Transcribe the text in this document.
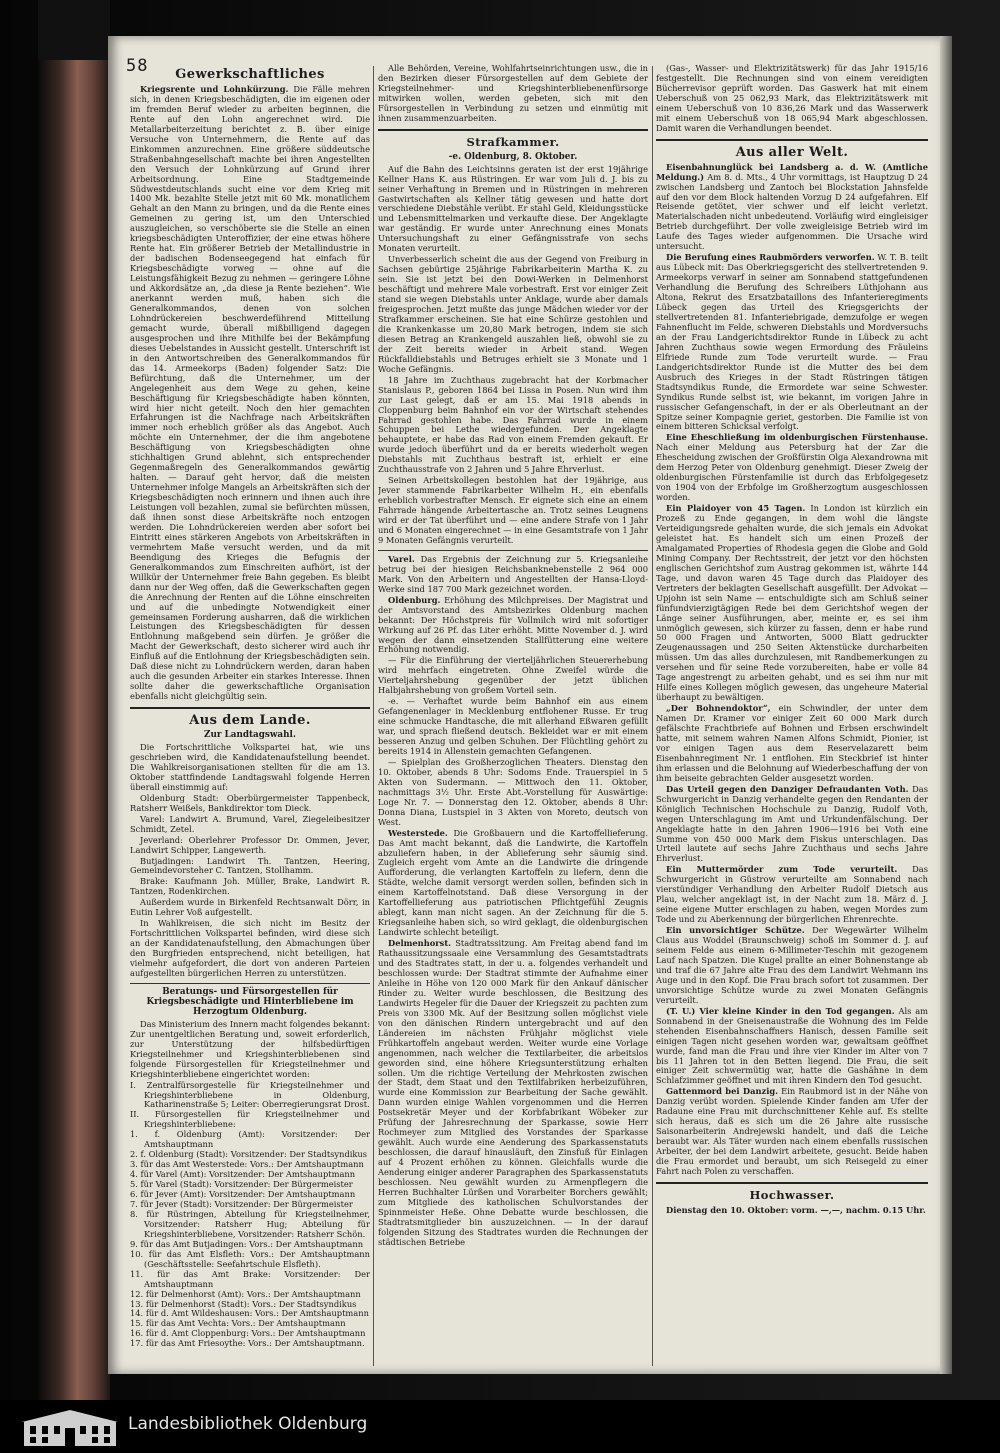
58	Gewerkschaftliches

Kriegsrente und Lohnkürzung. Die Fälle mehren sich, in denen Kriegsbeschädigten, die im eigenen oder im fremden Beruf wieder zu arbeiten beginnen, die Rente auf den Lohn angerechnet wird. Die Metallarbeiterzeitung berichtet z. B. über einige Versuche von Unternehmern, die Rente auf das Einkommen anzurechnen. Eine größere süddeutsche Straßenbahngesellschaft machte bei ihren Angestellten den Versuch der Lohnkürzung auf Grund ihrer Arbeitsordnung. Eine Stadtgemeinde Südwestdeutschlands sucht eine vor dem Krieg mit 1400 Mk. bezahlte Stelle jetzt mit 60 Mk. monatlichem Gehalt an den Mann zu bringen, und da die Rente eines Gemeinen zu gering ist, um den Unterschied auszugleichen, so verschöberte sie die Stelle an einen kriegsbeschädigten Unteroffizier, der eine etwas höhere Rente hat. Ein größerer Betrieb der Metallindustrie in der badischen Bodenseegegend hat einfach für Kriegsbeschädigte vorweg — ohne auf die Leistungsfähigkeit Bezug zu nehmen — geringere Löhne und Akkordsätze an, „da diese ja Rente beziehen“. Wie anerkannt werden muß, haben sich die Generalkommandos, denen von solchen Lohndrückereien beschwerdeführend Mitteilung gemacht wurde, überall mißbilligend dagegen ausgesprochen und ihre Mithilfe bei der Bekämpfung dieses Uebelstandes in Aussicht gestellt. Unterschrift ist in den Antwortschreiben des Generalkommandos für das 14. Armeekorps (Baden) folgender Satz: Die Befürchtung, daß die Unternehmer, um der Angelegenheit aus dem Wege zu gehen, keine Beschäftigung für Kriegsbeschädigte haben könnten, wird hier nicht geteilt. Noch den hier gemachten Erfahrungen ist die Nachfrage nach Arbeitskräften immer noch erheblich größer als das Angebot. Auch möchte ein Unternehmer, der die ihm angebotene Beschäftigung von Kriegsbeschädigten ohne stichhaltigen Grund ablehnt, sich entsprechender Gegenmaßregeln des Generalkommandos gewärtig halten. — Darauf geht hervor, daß die meisten Unternehmer infolge Mangels an Arbeitskräften sich der Kriegsbeschädigten noch erinnern und ihnen auch ihre Leistungen voll bezahlen, zumal sie befürchten müssen, daß ihnen sonst diese Arbeitskräfte noch entzogen werden. Die Lohndrückereien werden aber sofort bei Eintritt eines stärkeren Angebots von Arbeitskräften in vermehrtem Maße versucht werden, und da mit Beendigung des Krieges die Befugnis der Generalkommandos zum Einschreiten aufhört, ist der Willkür der Unternehmer freie Bahn gegeben. Es bleibt dann nur der Weg offen, daß die Gewerkschaften gegen die Anrechnung der Renten auf die Löhne einschreiten und auf die unbedingte Notwendigkeit einer gemeinsamen Forderung ausharren, daß die wirklichen Leistungen des Kriegsbeschädigten für dessen Entlohnung maßgebend sein dürfen. Je größer die Macht der Gewerkschaft, desto sicherer wird auch ihr Einfluß auf die Entlohnung der Kriegsbeschädigten sein. Daß diese nicht zu Lohndrückern werden, daran haben auch die gesunden Arbeiter ein starkes Interesse. Ihnen sollte daher die gewerkschaftliche Organisation ebenfalls nicht gleichgültig sein.

Aus dem Lande.
Zur Landtagswahl.

Die Fortschrittliche Volkspartei hat, wie uns geschrieben wird, die Kandidatenaufstellung beendet. Die Wahlkreisorganisationen stellten für die am 13. Oktober stattfindende Landtagswahl folgende Herren überall einstimmig auf:

Oldenburg Stadt: Oberbürgermeister Tappenbeck, Ratsherr Weißels, Bankdirektor tom Dieck.

Varel: Landwirt A. Brumund, Varel, Ziegeleibesitzer Schmidt, Zetel.

Jeverland: Oberlehrer Professor Dr. Ommen, Jever, Landwirt Schipper, Langewerth.

Butjadingen: Landwirt Th. Tantzen, Heering, Gemeindevorsteher C. Tantzen, Stollhamm.

Brake: Kaufmann Joh. Müller, Brake, Landwirt R. Tantzen, Rodenkirchen.

Außerdem wurde in Birkenfeld Rechtsanwalt Dörr, in Eutin Lehrer Voß aufgestellt.

In Wahlkreisen, die sich nicht im Besitz der Fortschrittlichen Volkspartei befinden, wird diese sich an der Kandidatenaufstellung, den Abmachungen über den Burgfrieden entsprechend, nicht beteiligen, hat vielmehr aufgefordert, die dort von anderen Parteien aufgestellten bürgerlichen Herren zu unterstützen.

Beratungs- und Fürsorgestellen für Kriegsbeschädigte und Hinterbliebene im Herzogtum Oldenburg.

Das Ministerium des Innern macht folgendes bekannt: Zur unentgeltlichen Beratung und, soweit erforderlich, zur Unterstützung der hilfsbedürftigen Kriegsteilnehmer und Kriegshinterbliebenen sind folgende Fürsorgestellen für Kriegsteilnehmer und Kriegshinterbliebene eingerichtet worden:

I. Zentralfürsorgestelle für Kriegsteilnehmer und Kriegshinterbliebene in Oldenburg, Katharinenstraße 5; Leiter: Oberregierungsrat Drost.
II. Fürsorgestellen für Kriegsteilnehmer und Kriegshinterbliebene:
1. f. Oldenburg (Amt): Vorsitzender: Der Amtshauptmann
2. f. Oldenburg (Stadt): Vorsitzender: Der Stadtsyndikus
3. für das Amt Westerstede: Vors.: Der Amtshauptmann
4. für Varel (Amt): Vorsitzender: Der Amtshauptmann
5. für Varel (Stadt): Vorsitzender: Der Bürgermeister
6. für Jever (Amt): Vorsitzender: Der Amtshauptmann
7. für Jever (Stadt): Vorsitzender: Der Bürgermeister
8. für Rüstringen, Abteilung für Kriegsteilnehmer, Vorsitzender: Ratsherr Hug; Abteilung für Kriegshinterbliebene, Vorsitzender: Ratsherr Schön.
9. für das Amt Butjadingen: Vors.: Der Amtshauptmann
10. für das Amt Elsfleth: Vors.: Der Amtshauptmann (Geschäftsstelle: Seefahrtschule Elsfleth).
11. für das Amt Brake: Vorsitzender: Der Amtshauptmann
12. für Delmenhorst (Amt): Vors.: Der Amtshauptmann
13. für Delmenhorst (Stadt): Vors.: Der Stadtsyndikus
14. für d. Amt Wildeshausen: Vors.: Der Amtshauptmann
15. für das Amt Vechta: Vors.: Der Amtshauptmann
16. für d. Amt Cloppenburg: Vors.: Der Amtshauptmann
17. für das Amt Friesoythe: Vors.: Der Amtshauptmann.

Alle Behörden, Vereine, Wohlfahrtseinrichtungen usw., die in den Bezirken dieser Fürsorgestellen auf dem Gebiete der Kriegsteilnehmer- und Kriegshinterbliebenenfürsorge mitwirken wollen, werden gebeten, sich mit den Fürsorgestellen in Verbindung zu setzen und einmütig mit ihnen zusammenzuarbeiten.

Strafkammer.
-e. Oldenburg, 8. Oktober.

Auf die Bahn des Leichtsinns geraten ist der erst 19jährige Kellner Hans K. aus Rüstringen. Er war vom Juli d. J. bis zu seiner Verhaftung in Bremen und in Rüstringen in mehreren Gastwirtschaften als Kellner tätig gewesen und hatte dort verschiedene Diebstähle verübt. Er stahl Geld, Kleidungsstücke und Lebensmittelmarken und verkaufte diese. Der Angeklagte war geständig. Er wurde unter Anrechnung eines Monats Untersuchungshaft zu einer Gefängnisstrafe von sechs Monaten verurteilt.

Unverbesserlich scheint die aus der Gegend von Freiburg in Sachsen gebürtige 25jährige Fabrikarbeiterin Martha K. zu sein. Sie ist jetzt bei den Dowi-Werken in Delmenhorst beschäftigt und mehrere Male vorbestraft. Erst vor einiger Zeit stand sie wegen Diebstahls unter Anklage, wurde aber damals freigesprochen. Jetzt mußte das junge Mädchen wieder vor der Strafkammer erscheinen. Sie hat eine Schürze gestohlen und die Krankenkasse um 20,80 Mark betrogen, indem sie sich diesen Betrag an Krankengeld auszahlen ließ, obwohl sie zu der Zeit bereits wieder in Arbeit stand. Wegen Rückfalldiebstahls und Betruges erhielt sie 3 Monate und 1 Woche Gefängnis.

18 Jahre im Zuchthaus zugebracht hat der Korbmacher Stanislaus P., geboren 1864 bei Lissa in Posen. Nun wird ihm zur Last gelegt, daß er am 15. Mai 1918 abends in Cloppenburg beim Bahnhof ein vor der Wirtschaft stehendes Fahrrad gestohlen habe. Das Fahrrad wurde in einem Schuppen bei Lethe wiedergefunden. Der Angeklagte behauptete, er habe das Rad von einem Fremden gekauft. Er wurde jedoch überführt und da er bereits wiederholt wegen Diebstahls mit Zuchthaus bestraft ist, erhielt er eine Zuchthausstrafe von 2 Jahren und 5 Jahre Ehrverlust.

Seinen Arbeitskollegen bestohlen hat der 19jährige, aus Jever stammende Fabrikarbeiter Wilhelm H., ein ebenfalls erheblich vorbestrafter Mensch. Er eignete sich eine an einem Fahrrade hängende Arbeitertasche an. Trotz seines Leugnens wird er der Tat überführt und — eine andere Strafe von 1 Jahr und 6 Monaten eingerechnet — in eine Gesamtstrafe von 1 Jahr 9 Monaten Gefängnis verurteilt.

Varel. Das Ergebnis der Zeichnung zur 5. Kriegsanleihe betrug bei der hiesigen Reichsbanknebenstelle 2 964 000 Mark. Von den Arbeitern und Angestellten der Hansa-Lloyd-Werke sind 187 700 Mark gezeichnet worden.

Oldenburg. Erhöhung des Milchpreises. Der Magistrat und der Amtsvorstand des Amtsbezirkes Oldenburg machen bekannt: Der Höchstpreis für Vollmilch wird mit sofortiger Wirkung auf 26 Pf. das Liter erhöht. Mitte November d. J. wird wegen der dann einsetzenden Stallfütterung eine weitere Erhöhung notwendig.

— Für die Einführung der vierteljährlichen Steuererhebung wird mehrfach eingetreten. Ohne Zweifel würde die Vierteljahrshebung gegenüber der jetzt üblichen Halbjahrshebung von großem Vorteil sein.

-e. — Verhaftet wurde beim Bahnhof ein aus einem Gefangenenlager in Mecklenburg entflohener Russe. Er trug eine schmucke Handtasche, die mit allerhand Eßwaren gefüllt war, und sprach fließend deutsch. Bekleidet war er mit einem besseren Anzug und gelben Schuhen. Der Flüchtling gehört zu bereits 1914 in Allenstein gemachten Gefangenen.

— Spielplan des Großherzoglichen Theaters. Dienstag den 10. Oktober, abends 8 Uhr: Sodoms Ende. Trauerspiel in 5 Akten von Sudermann. — Mittwoch den 11. Oktober, nachmittags 3½ Uhr. Erste Abt.-Vorstellung für Auswärtige: Loge Nr. 7. — Donnerstag den 12. Oktober, abends 8 Uhr: Donna Diana, Lustspiel in 3 Akten von Moreto, deutsch von West.

Westerstede. Die Großbauern und die Kartoffellieferung. Das Amt macht bekannt, daß die Landwirte, die Kartoffeln abzuliefern haben, in der Ablieferung sehr säumig sind. Zugleich ergeht vom Amte an die Landwirte die dringende Aufforderung, die verlangten Kartoffeln zu liefern, denn die Städte, welche damit versorgt werden sollen, befinden sich in einem Kartoffelnotstand. Daß diese Versorgung in der Kartoffellieferung aus patriotischen Pflichtgefühl Zeugnis ablegt, kann man nicht sagen. An der Zeichnung für die 5. Kriegsanleihe haben sich, so wird geklagt, die oldenburgischen Landwirte schlecht beteiligt.

Delmenhorst. Stadtratssitzung. Am Freitag abend fand im Rathaussitzungssaale eine Versammlung des Gesamtstadtrats und des Stadtrates statt, in der u. a. folgendes verhandelt und beschlossen wurde: Der Stadtrat stimmte der Aufnahme einer Anleihe in Höhe von 120 000 Mark für den Ankauf dänischer Rinder zu. Weiter wurde beschlossen, die Besitzung des Landwirts Hegeler für die Dauer der Kriegszeit zu pachten zum Preis von 3300 Mk. Auf der Besitzung sollen möglichst viele von den dänischen Rindern untergebracht und auf den Ländereien im nächsten Frühjahr möglichst viele Frühkartoffeln angebaut werden. Weiter wurde eine Vorlage angenommen, nach welcher die Textilarbeiter, die arbeitslos geworden sind, eine höhere Kriegsunterstützung erhalten sollen. Um die richtige Verteilung der Mehrkosten zwischen der Stadt, dem Staat und den Textilfabriken herbeizuführen, wurde eine Kommission zur Bearbeitung der Sache gewählt. Dann wurden einige Wahlen vorgenommen und die Herren Postsekretär Meyer und der Korbfabrikant Wöbeker zur Prüfung der Jahresrechnung der Sparkasse, sowie Herr Rochmeyer zum Mitglied des Vorstandes der Sparkasse gewählt. Auch wurde eine Aenderung des Sparkassenstatuts beschlossen, die darauf hinausläuft, den Zinsfuß für Einlagen auf 4 Prozent erhöhen zu können. Gleichfalls wurde die Aenderung einiger anderer Paragraphen des Sparkassenstatuts beschlossen. Neu gewählt wurden zu Armenpflegern die Herren Buchhalter Lürßen und Vorarbeiter Borchers gewählt; zum Mitgliede des katholischen Schulvorstandes der Spinnmeister Heße. Ohne Debatte wurde beschlossen, die Stadtratsmitglieder bin auszuzeichnen. — In der darauf folgenden Sitzung des Stadtrates wurden die Rechnungen der städtischen Betriebe

(Gas-, Wasser- und Elektrizitätswerk) für das Jahr 1915/16 festgestellt. Die Rechnungen sind von einem vereidigten Bücherrevisor geprüft worden. Das Gaswerk hat mit einem Ueberschuß von 25 062,93 Mark, das Elektrizitätswerk mit einem Ueberschuß von 10 836,26 Mark und das Wasserwerk mit einem Ueberschuß von 18 065,94 Mark abgeschlossen. Damit waren die Verhandlungen beendet.

Aus aller Welt.

Eisenbahnunglück bei Landsberg a. d. W. (Amtliche Meldung.) Am 8. d. Mts., 4 Uhr vormittags, ist Hauptzug D 24 zwischen Landsberg und Zantoch bei Blockstation Jahnsfelde auf den vor dem Block haltenden Vorzug D 24 aufgefahren. Elf Reisende getötet, vier schwer und elf leicht verletzt. Materialschaden nicht unbedeutend. Vorläufig wird eingleisiger Betrieb durchgeführt. Der volle zweigleisige Betrieb wird im Laufe des Tages wieder aufgenommen. Die Ursache wird untersucht.

Die Berufung eines Raubmörders verworfen. W. T. B. teilt aus Lübeck mit: Das Oberkriegsgericht des stellvertretenden 9. Armeekorps verwarf in seiner am Sonnabend stattgefundenen Verhandlung die Berufung des Schreibers Lüthjohann aus Altona, Rekrut des Ersatzbataillons des Infanterieregiments Lübeck gegen das Urteil des Kriegsgerichts der stellvertretenden 81. Infanteriebrigade, demzufolge er wegen Fahnenflucht im Felde, schweren Diebstahls und Mordversuchs an der Frau Landgerichtsdirektor Runde in Lübeck zu acht Jahren Zuchthaus sowie wegen Ermordung des Fräuleins Elfriede Runde zum Tode verurteilt wurde. — Frau Landgerichtsdirektor Runde ist die Mutter des bei dem Ausbruch des Krieges in der Stadt Rüstringen tätigen Stadtsyndikus Runde, die Ermordete war seine Schwester. Syndikus Runde selbst ist, wie bekannt, im vorigen Jahre in russischer Gefangenschaft, in der er als Oberleutnant an der Spitze seiner Kompagnie geriet, gestorben. Die Familie ist von einem bitteren Schicksal verfolgt.

Eine Eheschließung im oldenburgischen Fürstenhause. Nach einer Meldung aus Petersburg hat der Zar die Ehescheidung zwischen der Großfürstin Olga Alexandrowna mit dem Herzog Peter von Oldenburg genehmigt. Dieser Zweig der oldenburgischen Fürstenfamilie ist durch das Erbfolgegesetz von 1904 von der Erbfolge im Großherzogtum ausgeschlossen worden.

Ein Plaidoyer von 45 Tagen. In London ist kürzlich ein Prozeß zu Ende gegangen, in dem wohl die längste Verteidigungsrede gehalten wurde, die sich jemals ein Advokat geleistet hat. Es handelt sich um einen Prozeß der Amalgamated Properties of Rhodesia gegen die Globe and Gold Mining Company. Der Rechtsstreit, der jetzt vor den höchsten englischen Gerichtshof zum Austrag gekommen ist, währte 144 Tage, und davon waren 45 Tage durch das Plaidoyer des Vertreters der beklagten Gesellschaft ausgefüllt. Der Advokat — Upjohn ist sein Name — entschuldigte sich am Schluß seiner fünfundvierzigtägigen Rede bei dem Gerichtshof wegen der Länge seiner Ausführungen, aber, meinte er, es sei ihm unmöglich gewesen, sich kürzer zu fassen, denn er habe rund 50 000 Fragen und Antworten, 5000 Blatt gedruckter Zeugenaussagen und 250 Seiten Aktenstücke durcharbeiten müssen. Um das alles durchzulesen, mit Randbemerkungen zu versehen und für seine Rede vorzubereiten, habe er volle 84 Tage angestrengt zu arbeiten gehabt, und es sei ihm nur mit Hilfe eines Kollegen möglich gewesen, das ungeheure Material überhaupt zu bewältigen.

„Der Bohnendoktor“, ein Schwindler, der unter dem Namen Dr. Kramer vor einiger Zeit 60 000 Mark durch gefälschte Frachtbriefe auf Bohnen und Erbsen erschwindelt hatte, mit seinem wahren Namen Alfons Schmidt, Pionier, ist vor einigen Tagen aus dem Reservelazarett beim Eisenbahnregiment Nr. 1 entflohen. Ein Steckbrief ist hinter ihm erlassen und die Belohnung auf Wiederbeschaffung der von ihm beiseite gebrachten Gelder ausgesetzt worden.

Das Urteil gegen den Danziger Defraudanten Voth. Das Schwurgericht in Danzig verhandelte gegen den Rendanten der Königlich Technischen Hochschule zu Danzig, Rudolf Voth, wegen Unterschlagung im Amt und Urkundenfälschung. Der Angeklagte hatte in den Jahren 1906—1916 bei Voth eine Summe von 450 000 Mark dem Fiskus unterschlagen. Das Urteil lautete auf sechs Jahre Zuchthaus und sechs Jahre Ehrverlust.

Ein Muttermörder zum Tode verurteilt. Das Schwurgericht in Güstrow verurteilte am Sonnabend nach vierstündiger Verhandlung den Arbeiter Rudolf Dietsch aus Plau, welcher angeklagt ist, in der Nacht zum 18. März d. J. seine eigene Mutter erschlagen zu haben, wegen Mordes zum Tode und zu Aberkennung der bürgerlichen Ehrenrechte.

Ein unvorsichtiger Schütze. Der Wegewärter Wilhelm Claus aus Woddel (Braunschweig) schoß im Sommer d. J. auf seinem Felde aus einem 6-Millimeter-Teschin mit gezogenem Lauf nach Spatzen. Die Kugel prallte an einer Bohnenstange ab und traf die 67 Jahre alte Frau des dem Landwirt Wehmann ins Auge und in den Kopf. Die Frau brach sofort tot zusammen. Der unvorsichtige Schütze wurde zu zwei Monaten Gefängnis verurteilt.

(T. U.) Vier kleine Kinder in den Tod gegangen. Als am Sonnabend in der Gneisenaustraße die Wohnung des im Felde stehenden Eisenbahnschaffners Hanisch, dessen Familie seit einigen Tagen nicht gesehen worden war, gewaltsam geöffnet wurde, fand man die Frau und ihre vier Kinder im Alter von 7 bis 11 Jahren tot in den Betten liegend. Die Frau, die seit einiger Zeit schwermütig war, hatte die Gashähne in dem Schlafzimmer geöffnet und mit ihren Kindern den Tod gesucht.

Gattenmord bei Danzig. Ein Raubmord ist in der Nähe von Danzig verübt worden. Spielende Kinder fanden am Ufer der Radaune eine Frau mit durchschnittener Kehle auf. Es stellte sich heraus, daß es sich um die 26 Jahre alte russische Saisonarbeiterin Andrejewski handelt, und daß die Leiche beraubt war. Als Täter wurden nach einem ebenfalls russischen Arbeiter, der bei dem Landwirt arbeitete, gesucht. Beide haben die Frau ermordet und beraubt, um sich Reisegeld zu einer Fahrt nach Polen zu verschaffen.

Hochwasser.

Dienstag den 10. Oktober: vorm. —,—, nachm. 0.15 Uhr.

Landesbibliothek Oldenburg
